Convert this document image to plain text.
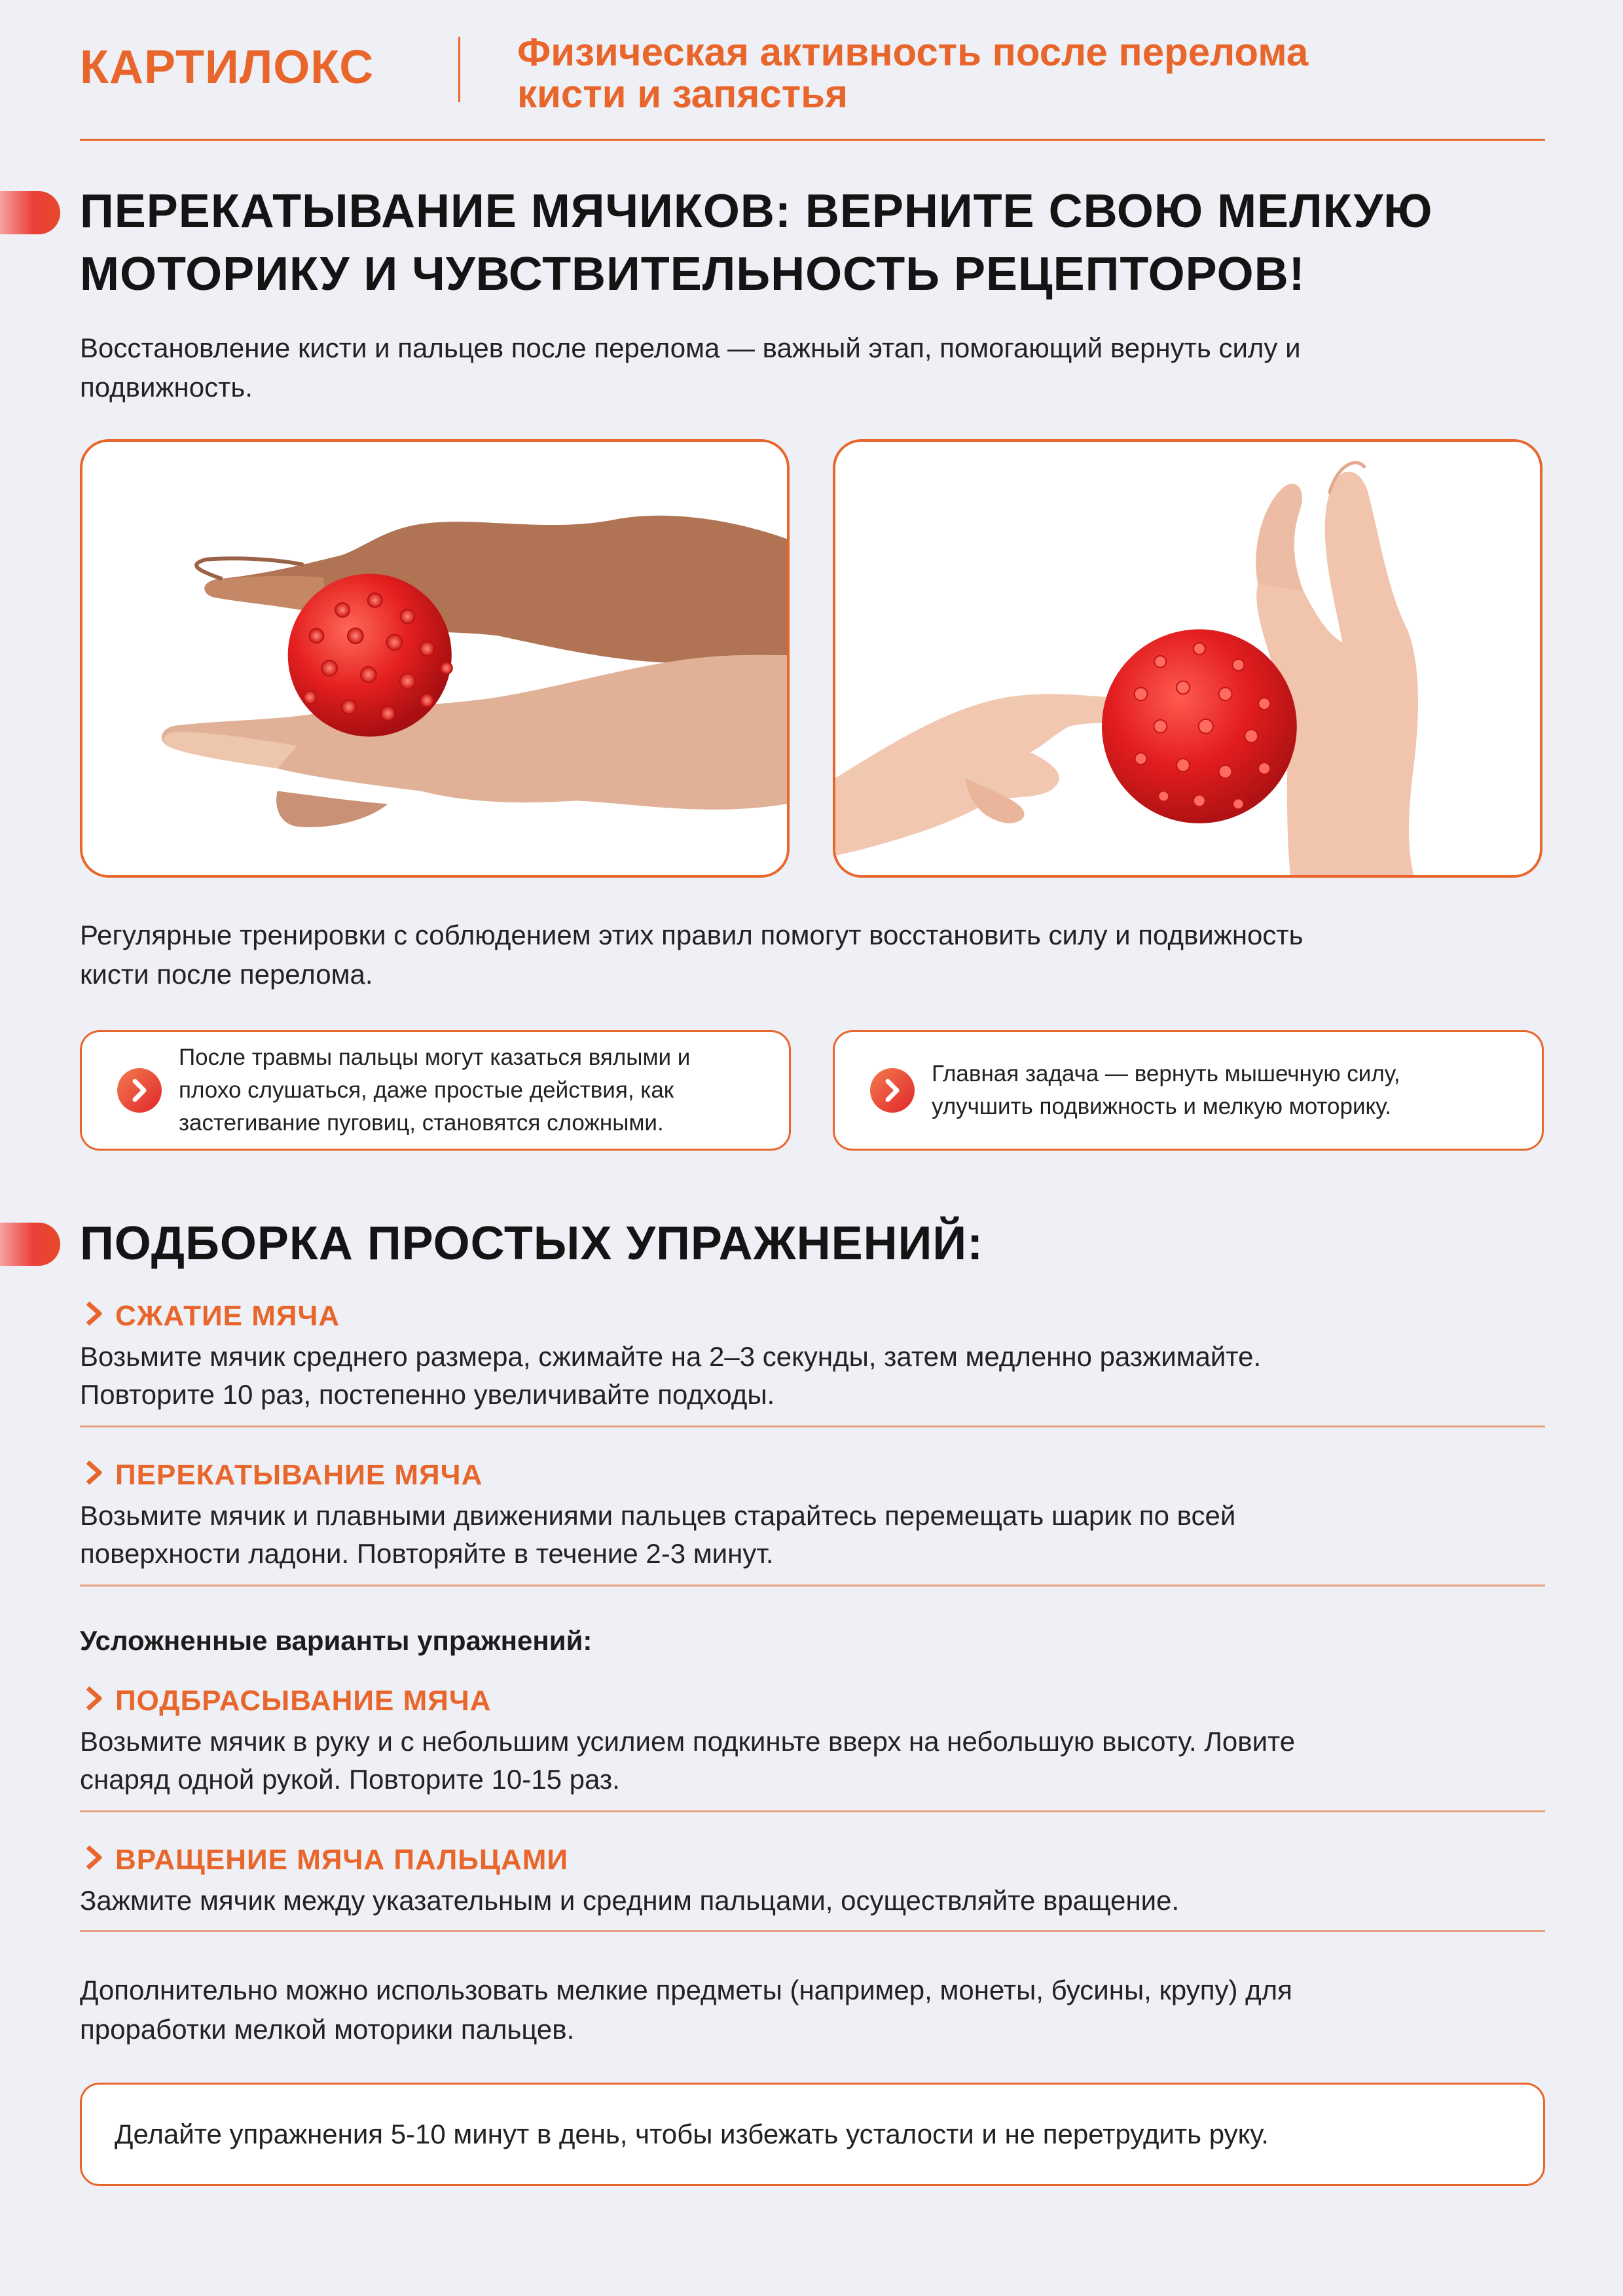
КАРТИЛОКС	Физическая активность после перелома
кисти и запястья
ПЕРЕКАТЫВАНИЕ МЯЧИКОВ: ВЕРНИТЕ СВОЮ МЕЛКУЮ
МОТОРИКУ И ЧУВСТВИТЕЛЬНОСТЬ РЕЦЕПТОРОВ!
Восстановление кисти и пальцев после перелома — важный этап, помогающий вернуть силу и
подвижность.
Регулярные тренировки с соблюдением этих правил помогут восстановить силу и подвижность
кисти после перелома.
После травмы пальцы могут казаться вялыми и
плохо слушаться, даже простые действия, как
застегивание пуговиц, становятся сложными.
Главная задача — вернуть мышечную силу,
улучшить подвижность и мелкую моторику.
ПОДБОРКА ПРОСТЫХ УПРАЖНЕНИЙ:
СЖАТИЕ МЯЧА
Возьмите мячик среднего размера, сжимайте на 2–3 секунды, затем медленно разжимайте.
Повторите 10 раз, постепенно увеличивайте подходы.
ПЕРЕКАТЫВАНИЕ МЯЧА
Возьмите мячик и плавными движениями пальцев старайтесь перемещать шарик по всей
поверхности ладони. Повторяйте в течение 2-3 минут.
Усложненные варианты упражнений:
ПОДБРАСЫВАНИЕ МЯЧА
Возьмите мячик в руку и с небольшим усилием подкиньте вверх на небольшую высоту. Ловите
снаряд одной рукой. Повторите 10-15 раз.
ВРАЩЕНИЕ МЯЧА ПАЛЬЦАМИ
Зажмите мячик между указательным и средним пальцами, осуществляйте вращение.
Дополнительно можно использовать мелкие предметы (например, монеты, бусины, крупу) для
проработки мелкой моторики пальцев.
Делайте упражнения 5-10 минут в день, чтобы избежать усталости и не перетрудить руку.
